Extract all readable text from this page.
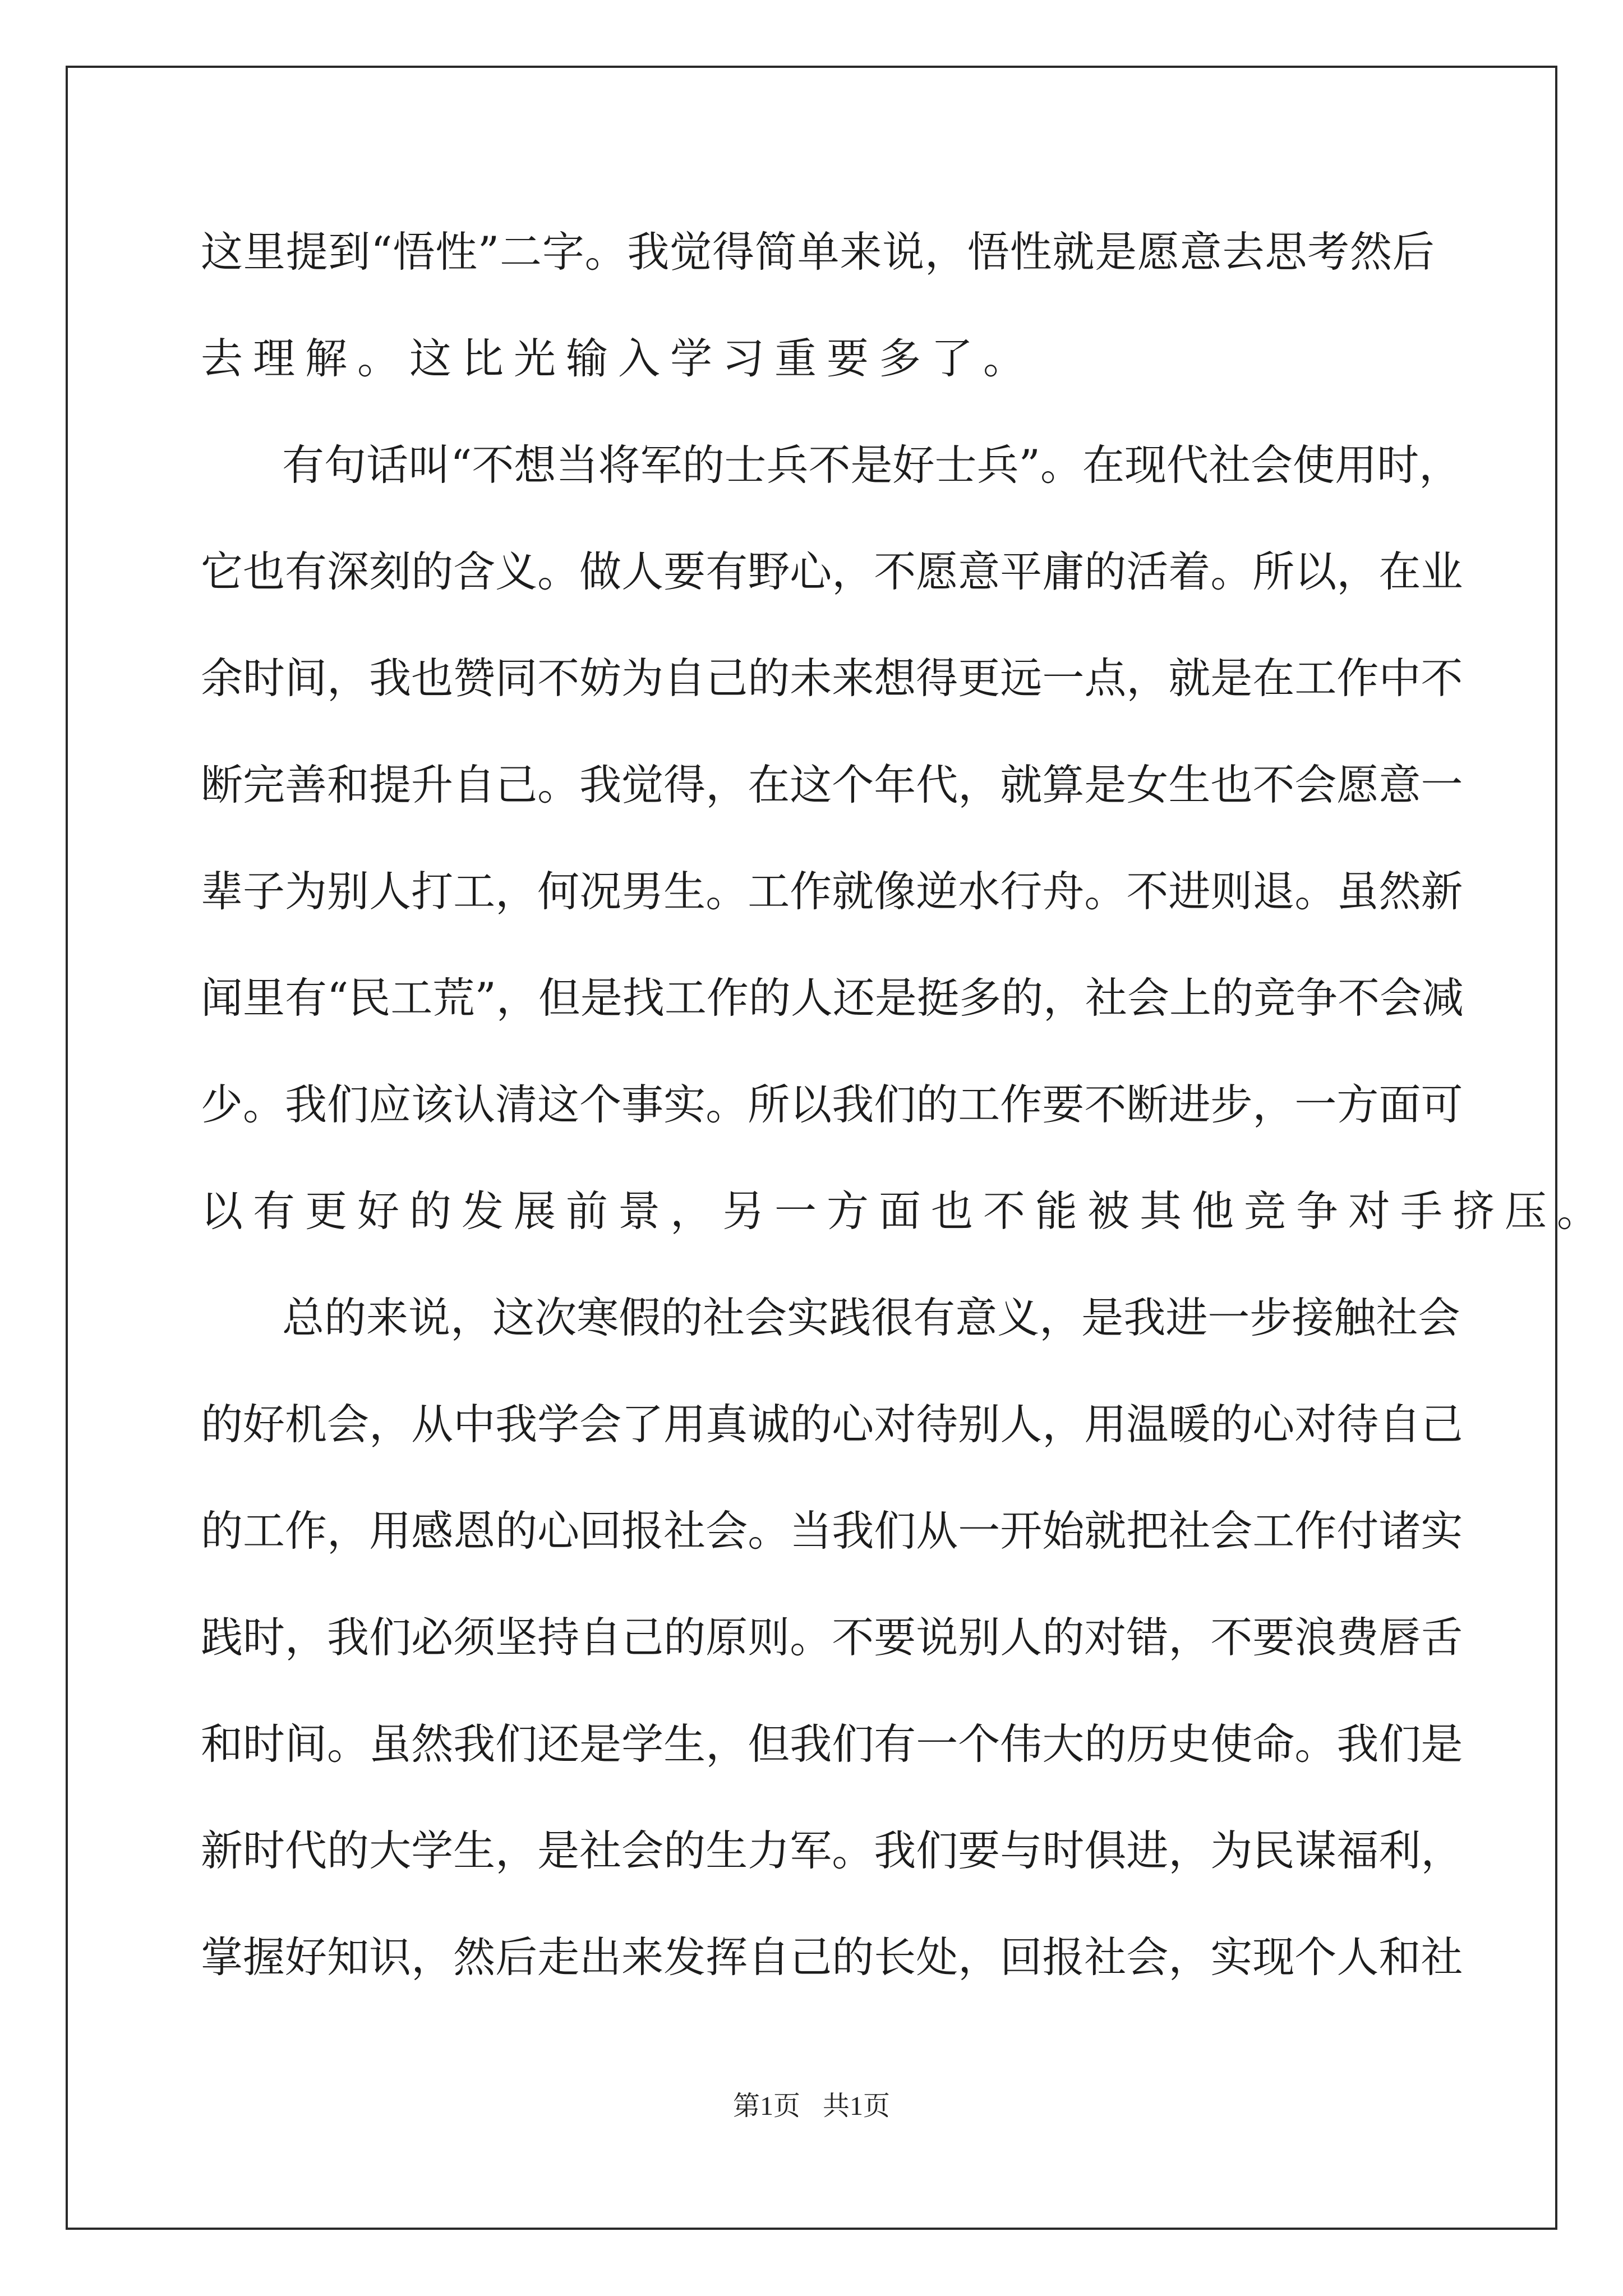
这 里 提 到 “ 悟 性 ” 二 字 。 我 觉 得 简 单 来 说 ， 悟 性 就 是 愿 意 去 思 考 然 后
去理解。这比光输入学习重要多了。
有 句 话 叫 “ 不 想 当 将 军 的 士 兵 不 是 好 士 兵 ” 。 在 现 代 社 会 使 用 时 ，
它 也 有 深 刻 的 含 义 。 做 人 要 有 野 心 ， 不 愿 意 平 庸 的 活 着 。 所 以 ， 在 业
余 时 间 ， 我 也 赞 同 不 妨 为 自 己 的 未 来 想 得 更 远 一 点 ， 就 是 在 工 作 中 不
断 完 善 和 提 升 自 己 。 我 觉 得 ， 在 这 个 年 代 ， 就 算 是 女 生 也 不 会 愿 意 一
辈 子 为 别 人 打 工 ， 何 况 男 生 。 工 作 就 像 逆 水 行 舟 。 不 进 则 退 。 虽 然 新
闻 里 有 “ 民 工 荒 ” ， 但 是 找 工 作 的 人 还 是 挺 多 的 ， 社 会 上 的 竞 争 不 会 减
少 。 我 们 应 该 认 清 这 个 事 实 。 所 以 我 们 的 工 作 要 不 断 进 步 ， 一 方 面 可
以有更好的发展前景，另一方面也不能被其他竞争对手挤压。
总 的 来 说 ， 这 次 寒 假 的 社 会 实 践 很 有 意 义 ， 是 我 进 一 步 接 触 社 会
的 好 机 会 ， 从 中 我 学 会 了 用 真 诚 的 心 对 待 别 人 ， 用 温 暖 的 心 对 待 自 己
的 工 作 ， 用 感 恩 的 心 回 报 社 会 。 当 我 们 从 一 开 始 就 把 社 会 工 作 付 诸 实
践 时 ， 我 们 必 须 坚 持 自 己 的 原 则 。 不 要 说 别 人 的 对 错 ， 不 要 浪 费 唇 舌
和 时 间 。 虽 然 我 们 还 是 学 生 ， 但 我 们 有 一 个 伟 大 的 历 史 使 命 。 我 们 是
新 时 代 的 大 学 生 ， 是 社 会 的 生 力 军 。 我 们 要 与 时 俱 进 ， 为 民 谋 福 利 ，
掌 握 好 知 识 ， 然 后 走 出 来 发 挥 自 己 的 长 处 ， 回 报 社 会 ， 实 现 个 人 和 社
第1页 共1页
